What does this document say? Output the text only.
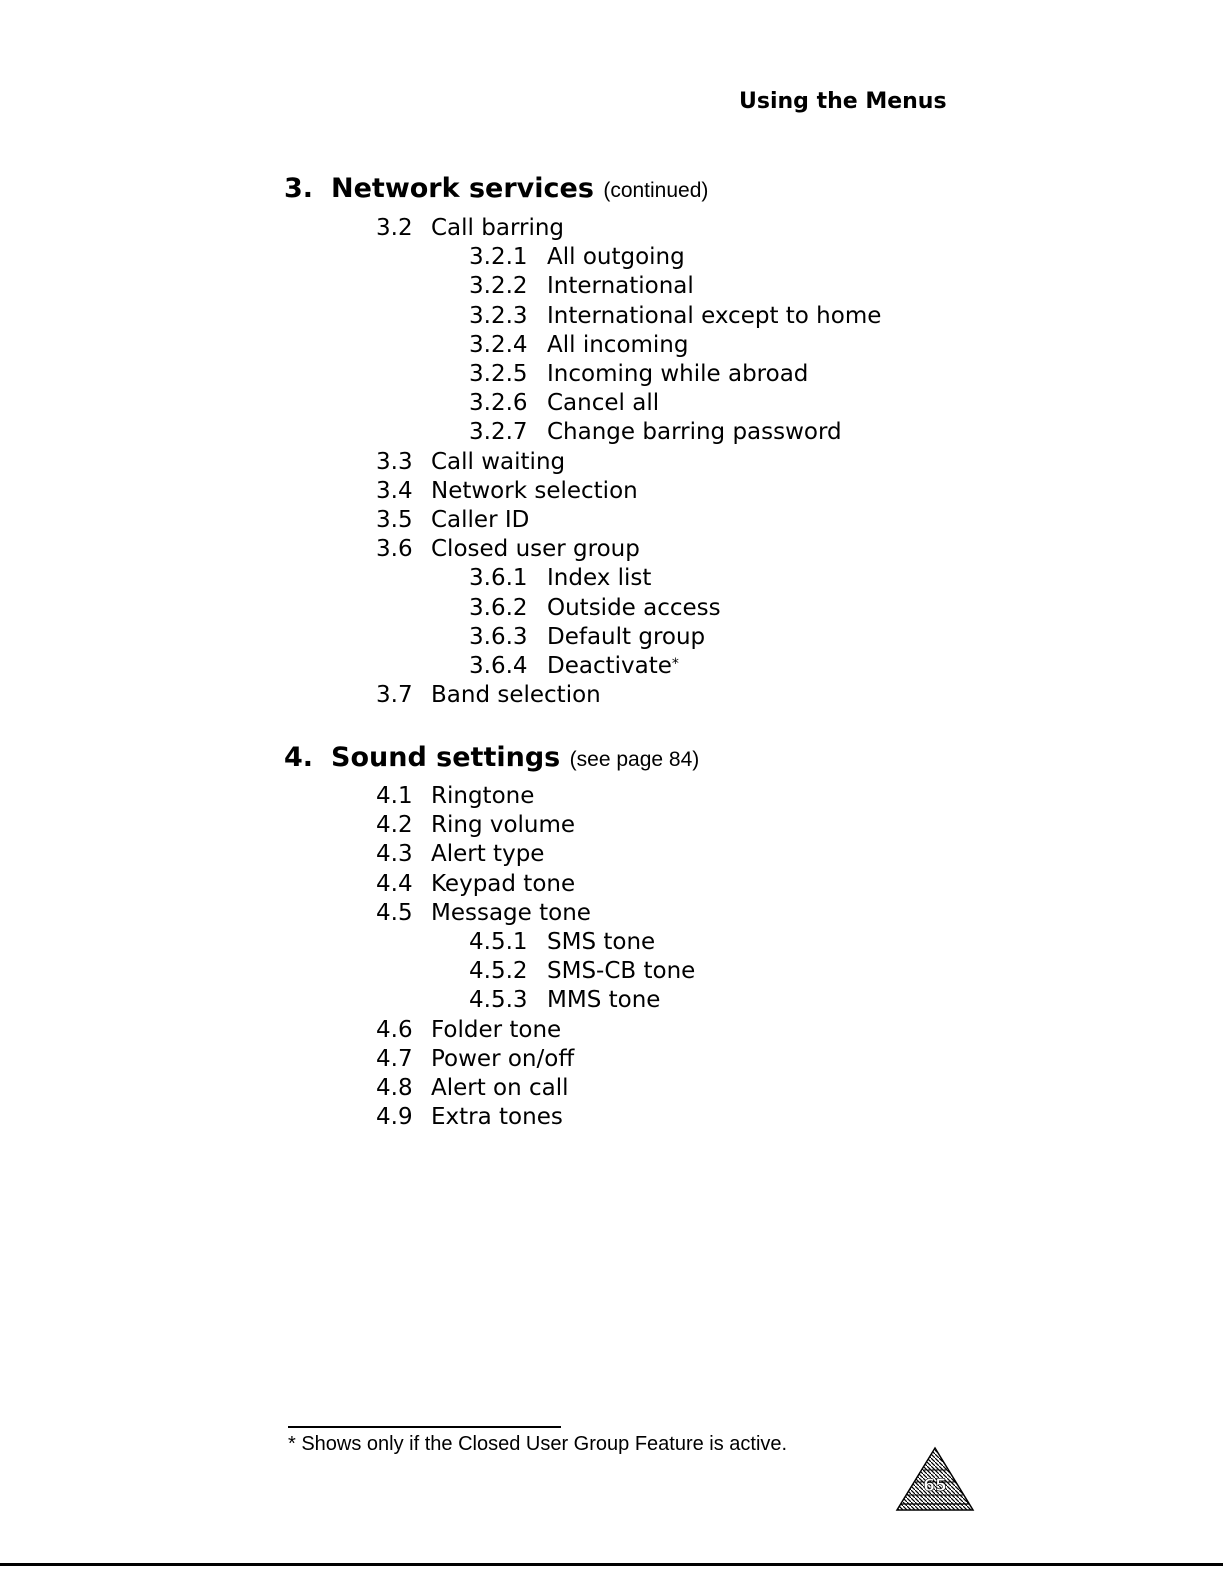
Using the Menus
3. Network services (continued)
3.2 Call barring
3.2.1 All outgoing
3.2.2 International
3.2.3 International except to home
3.2.4 All incoming
3.2.5 Incoming while abroad
3.2.6 Cancel all
3.2.7 Change barring password
3.3 Call waiting
3.4 Network selection
3.5 Caller ID
3.6 Closed user group
3.6.1 Index list
3.6.2 Outside access
3.6.3 Default group
3.6.4 Deactivate*
3.7 Band selection
4. Sound settings (see page 84)
4.1 Ringtone
4.2 Ring volume
4.3 Alert type
4.4 Keypad tone
4.5 Message tone
4.5.1 SMS tone
4.5.2 SMS-CB tone
4.5.3 MMS tone
4.6 Folder tone
4.7 Power on/off
4.8 Alert on call
4.9 Extra tones
* Shows only if the Closed User Group Feature is active.
65
